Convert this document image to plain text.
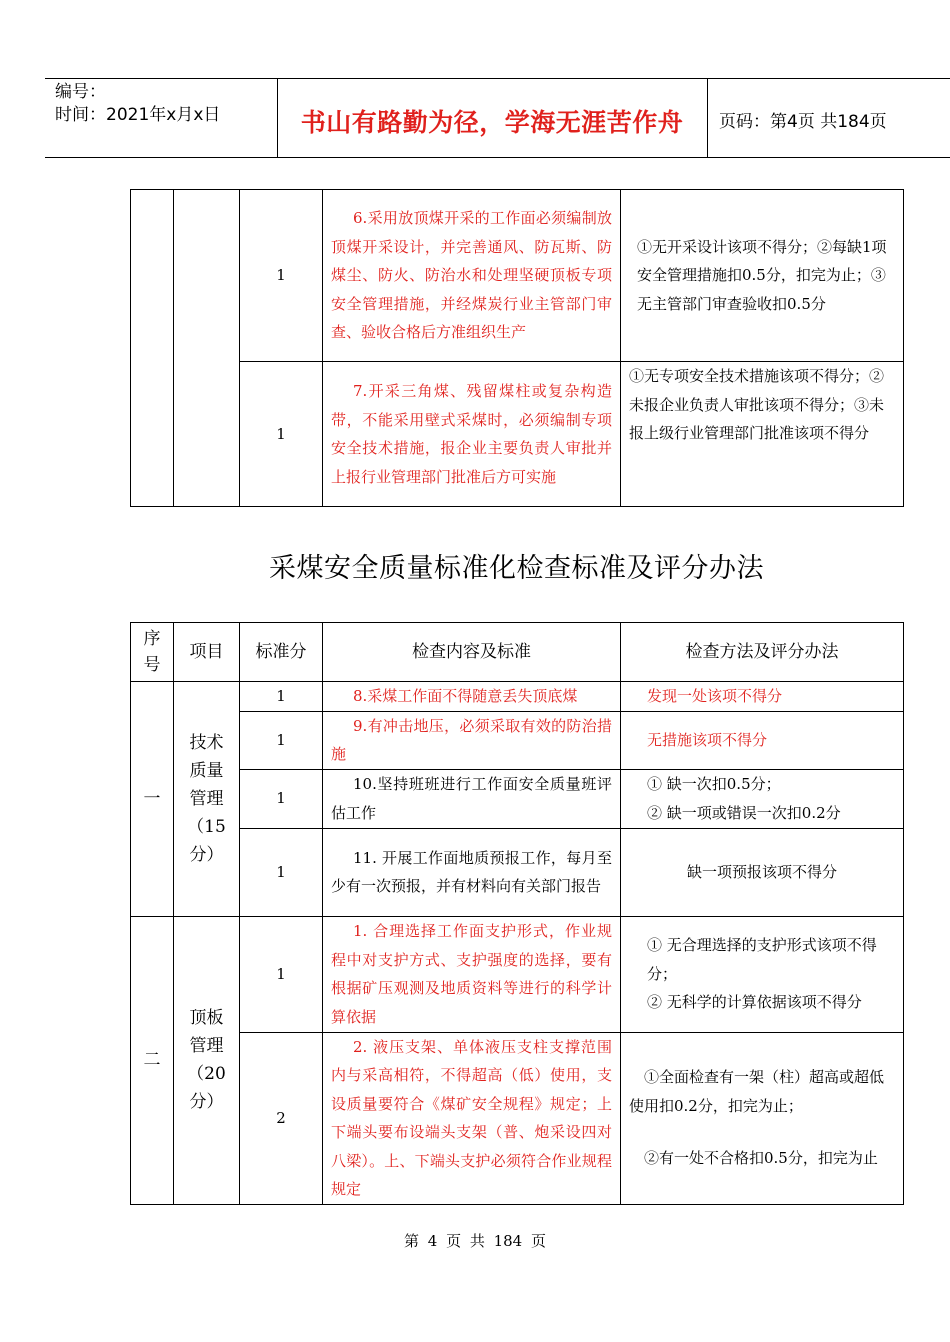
编号：
时间：2021年x月x日	书山有路勤为径，学海无涯苦作舟	页码：第4页 共184页
		1	6.采用放顶煤开采的工作面必须编制放顶煤开采设计，并完善通风、防瓦斯、防煤尘、防火、防治水和处理坚硬顶板专项安全管理措施，并经煤炭行业主管部门审查、验收合格后方准组织生产	①无开采设计该项不得分；②每缺1项安全管理措施扣0.5分，扣完为止；③无主管部门审查验收扣0.5分

		1	7.开采三角煤、残留煤柱或复杂构造带，不能采用壁式采煤时，必须编制专项安全技术措施，报企业主要负责人审批并上报行业管理部门批准后方可实施	①无专项安全技术措施该项不得分；②未报企业负责人审批该项不得分；③未报上级行业管理部门批准该项不得分
采煤安全质量标准化检查标准及评分办法
序号	项目	标准分	检查内容及标准	检查方法及评分办法
一	技术质量管理（15分）	1	8.采煤工作面不得随意丢失顶底煤	发现一处该项不得分
		1	9.有冲击地压，必须采取有效的防治措施	无措施该项不得分
		1	10.坚持班班进行工作面安全质量班评估工作	① 缺一次扣0.5分；
② 缺一项或错误一次扣0.2分

		1	11. 开展工作面地质预报工作，每月至少有一次预报，并有材料向有关部门报告	缺一项预报该项不得分
二	顶板管理（20分）	1	1. 合理选择工作面支护形式，作业规程中对支护方式、支护强度的选择，要有根据矿压观测及地质资料等进行的科学计算依据	① 无合理选择的支护形式该项不得分；
② 无科学的计算依据该项不得分

		2	2. 液压支架、单体液压支柱支撑范围内与采高相符，不得超高（低）使用，支设质量要符合《煤矿安全规程》规定；上下端头要布设端头支架（普、炮采设四对八梁）。上、下端头支护必须符合作业规程规定	①全面检查有一架（柱）超高或超低使用扣0.2分，扣完为止；
②有一处不合格扣0.5分，扣完为止
第 4 页 共 184 页
